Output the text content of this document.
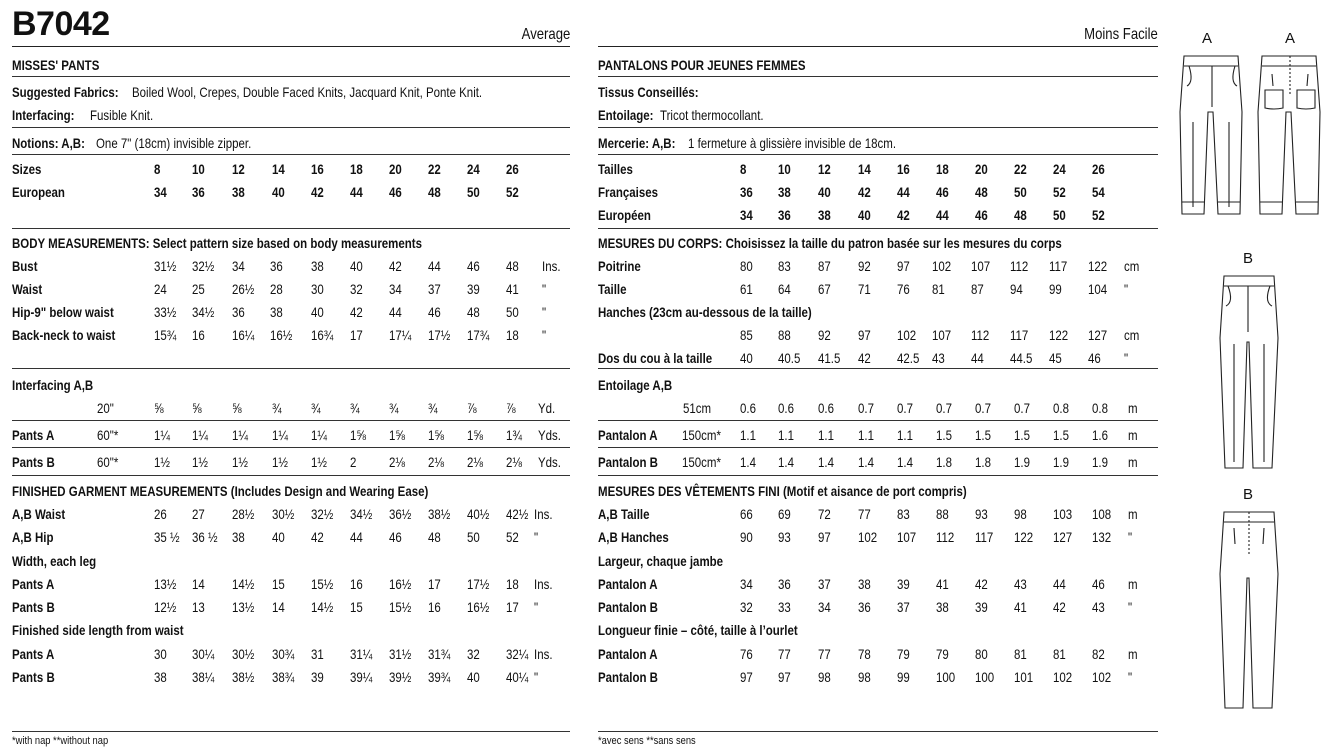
B7042	Average
MISSES' PANTS
Suggested Fabrics: Boiled Wool, Crepes, Double Faced Knits, Jacquard Knit, Ponte Knit.
Interfacing: Fusible Knit.
Notions: A,B: One 7" (18cm) invisible zipper.
Sizes	8 10 12 14 16 18 20 22 24 26
European	34 36 38 40 42 44 46 48 50 52
BODY MEASUREMENTS: Select pattern size based on body measurements
Bust	31½ 32½ 34 36 38 40 42 44 46 48 Ins.
Waist	24 25 26½ 28 30 32 34 37 39 41 "
Hip-9" below waist	33½ 34½ 36 38 40 42 44 46 48 50 "
Back-neck to waist	15¾ 16 16¼ 16½ 16¾ 17 17¼ 17½ 17¾ 18 "
Interfacing A,B
20"	⅝ ⅝ ⅝ ¾ ¾ ¾ ¾ ¾ ⅞ ⅞ Yd.
Pants A	60"*	1¼ 1¼ 1¼ 1¼ 1¼ 1⅝ 1⅝ 1⅝ 1⅝ 1¾ Yds.
Pants B	60"*	1½ 1½ 1½ 1½ 1½ 2 2⅛ 2⅛ 2⅛ 2⅛ Yds.
FINISHED GARMENT MEASUREMENTS (Includes Design and Wearing Ease)
A,B Waist	26 27 28½ 30½ 32½ 34½ 36½ 38½ 40½ 42½ Ins.
A,B Hip	35 ½ 36 ½ 38 40 42 44 46 48 50 52 "
Width, each leg
Pants A	13½ 14 14½ 15 15½ 16 16½ 17 17½ 18 Ins.
Pants B	12½ 13 13½ 14 14½ 15 15½ 16 16½ 17 "
Finished side length from waist
Pants A	30 30¼ 30½ 30¾ 31 31¼ 31½ 31¾ 32 32¼ Ins.
Pants B	38 38¼ 38½ 38¾ 39 39¼ 39½ 39¾ 40 40¼ "
*with nap **without nap
Moins Facile
PANTALONS POUR JEUNES FEMMES
Tissus Conseillés:
Entoilage: Tricot thermocollant.
Mercerie: A,B: 1 fermeture à glissière invisible de 18cm.
Tailles	8 10 12 14 16 18 20 22 24 26
Françaises	36 38 40 42 44 46 48 50 52 54
Européen	34 36 38 40 42 44 46 48 50 52
MESURES DU CORPS: Choisissez la taille du patron basée sur les mesures du corps
Poitrine	80 83 87 92 97 102 107 112 117 122 cm
Taille	61 64 67 71 76 81 87 94 99 104 "
Hanches (23cm au-dessous de la taille)
85 88 92 97 102 107 112 117 122 127 cm
Dos du cou à la taille 40 40.5 41.5 42 42.5 43 44 44.5 45 46 "
Entoilage A,B
51cm 0.6 0.6 0.6 0.7 0.7 0.7 0.7 0.7 0.8 0.8 m
Pantalon A 150cm* 1.1 1.1 1.1 1.1 1.1 1.5 1.5 1.5 1.5 1.6 m
Pantalon B 150cm* 1.4 1.4 1.4 1.4 1.4 1.8 1.8 1.9 1.9 1.9 m
MESURES DES VÊTEMENTS FINI (Motif et aisance de port compris)
A,B Taille	66 69 72 77 83 88 93 98 103 108 m
A,B Hanches	90 93 97 102 107 112 117 122 127 132 "
Largeur, chaque jambe
Pantalon A	34 36 37 38 39 41 42 43 44 46 m
Pantalon B	32 33 34 36 37 38 39 41 42 43 "
Longueur finie – côté, taille à l’ourlet
Pantalon A	76 77 77 78 79 79 80 81 81 82 m
Pantalon B	97 97 98 98 99 100 100 101 102 102 "
*avec sens **sans sens
A	A
B
B
